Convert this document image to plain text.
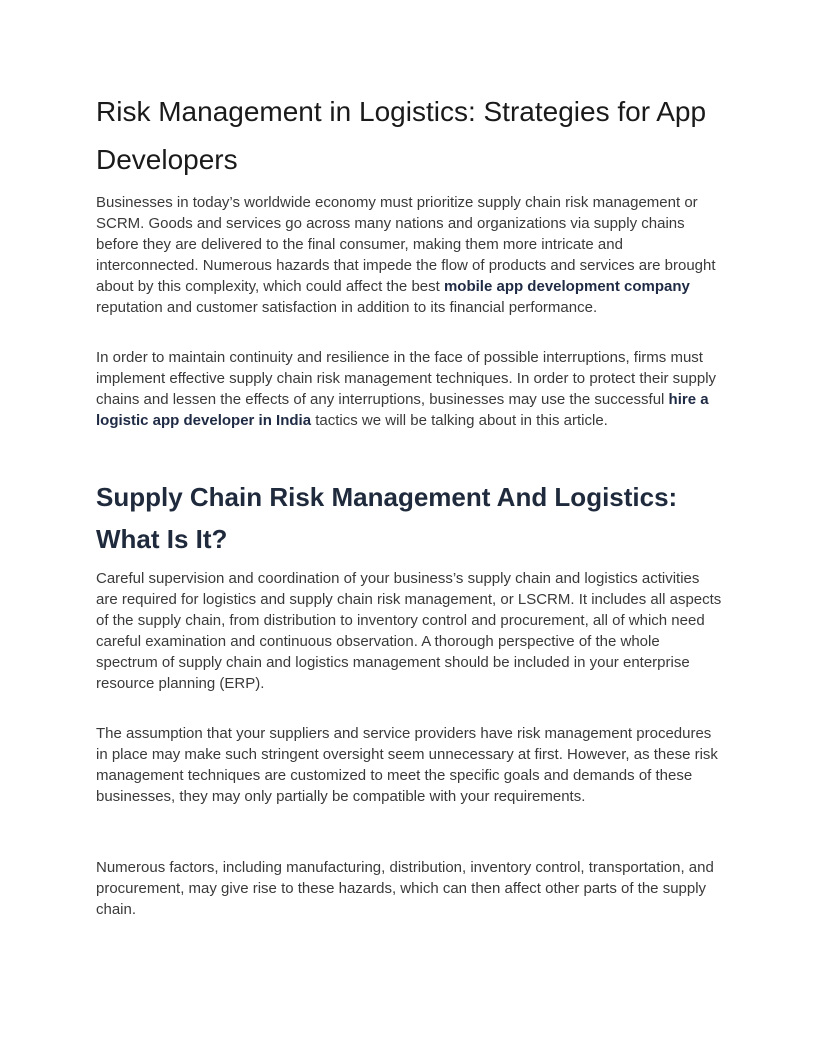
Risk Management in Logistics: Strategies for App Developers

Businesses in today’s worldwide economy must prioritize supply chain risk management or SCRM. Goods and services go across many nations and organizations via supply chains before they are delivered to the final consumer, making them more intricate and interconnected. Numerous hazards that impede the flow of products and services are brought about by this complexity, which could affect the best mobile app development company reputation and customer satisfaction in addition to its financial performance.

In order to maintain continuity and resilience in the face of possible interruptions, firms must implement effective supply chain risk management techniques. In order to protect their supply chains and lessen the effects of any interruptions, businesses may use the successful hire a logistic app developer in India tactics we will be talking about in this article.

Supply Chain Risk Management And Logistics: What Is It?

Careful supervision and coordination of your business’s supply chain and logistics activities are required for logistics and supply chain risk management, or LSCRM. It includes all aspects of the supply chain, from distribution to inventory control and procurement, all of which need careful examination and continuous observation. A thorough perspective of the whole spectrum of supply chain and logistics management should be included in your enterprise resource planning (ERP).

The assumption that your suppliers and service providers have risk management procedures in place may make such stringent oversight seem unnecessary at first. However, as these risk management techniques are customized to meet the specific goals and demands of these businesses, they may only partially be compatible with your requirements.

Numerous factors, including manufacturing, distribution, inventory control, transportation, and procurement, may give rise to these hazards, which can then affect other parts of the supply chain.
